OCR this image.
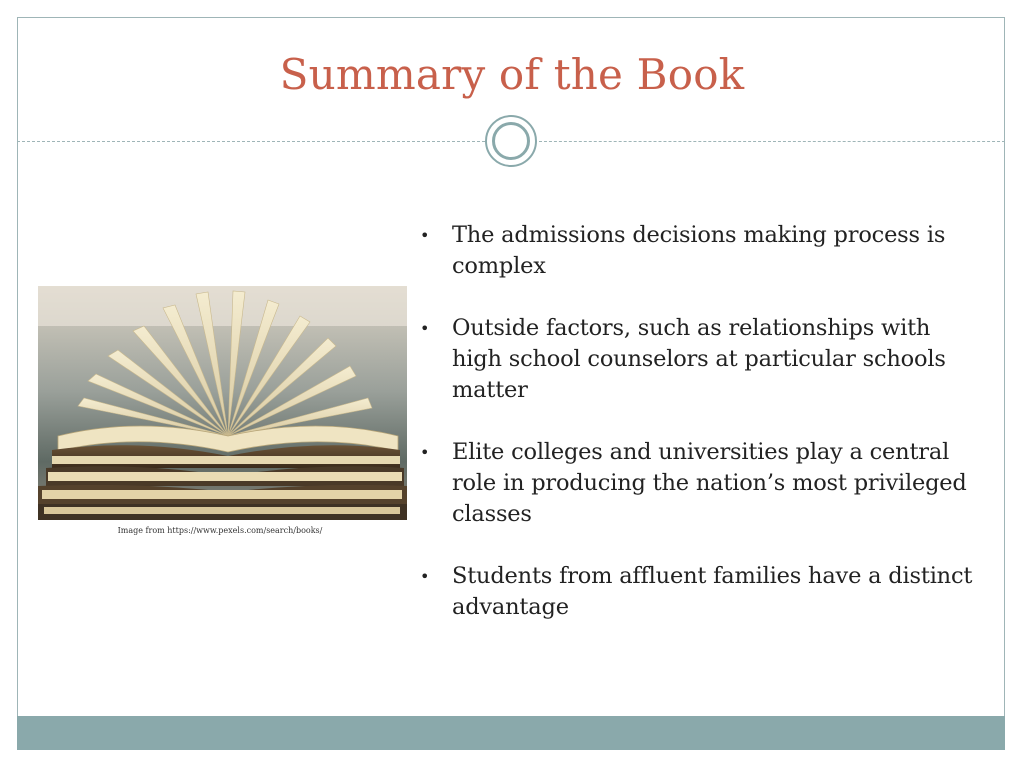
Summary of the Book
Image from https://www.pexels.com/search/books/
• The admissions decisions making process is complex
• Outside factors, such as relationships with high school counselors at particular schools matter
• Elite colleges and universities play a central role in producing the nation’s most privileged classes
• Students from affluent families have a distinct advantage
